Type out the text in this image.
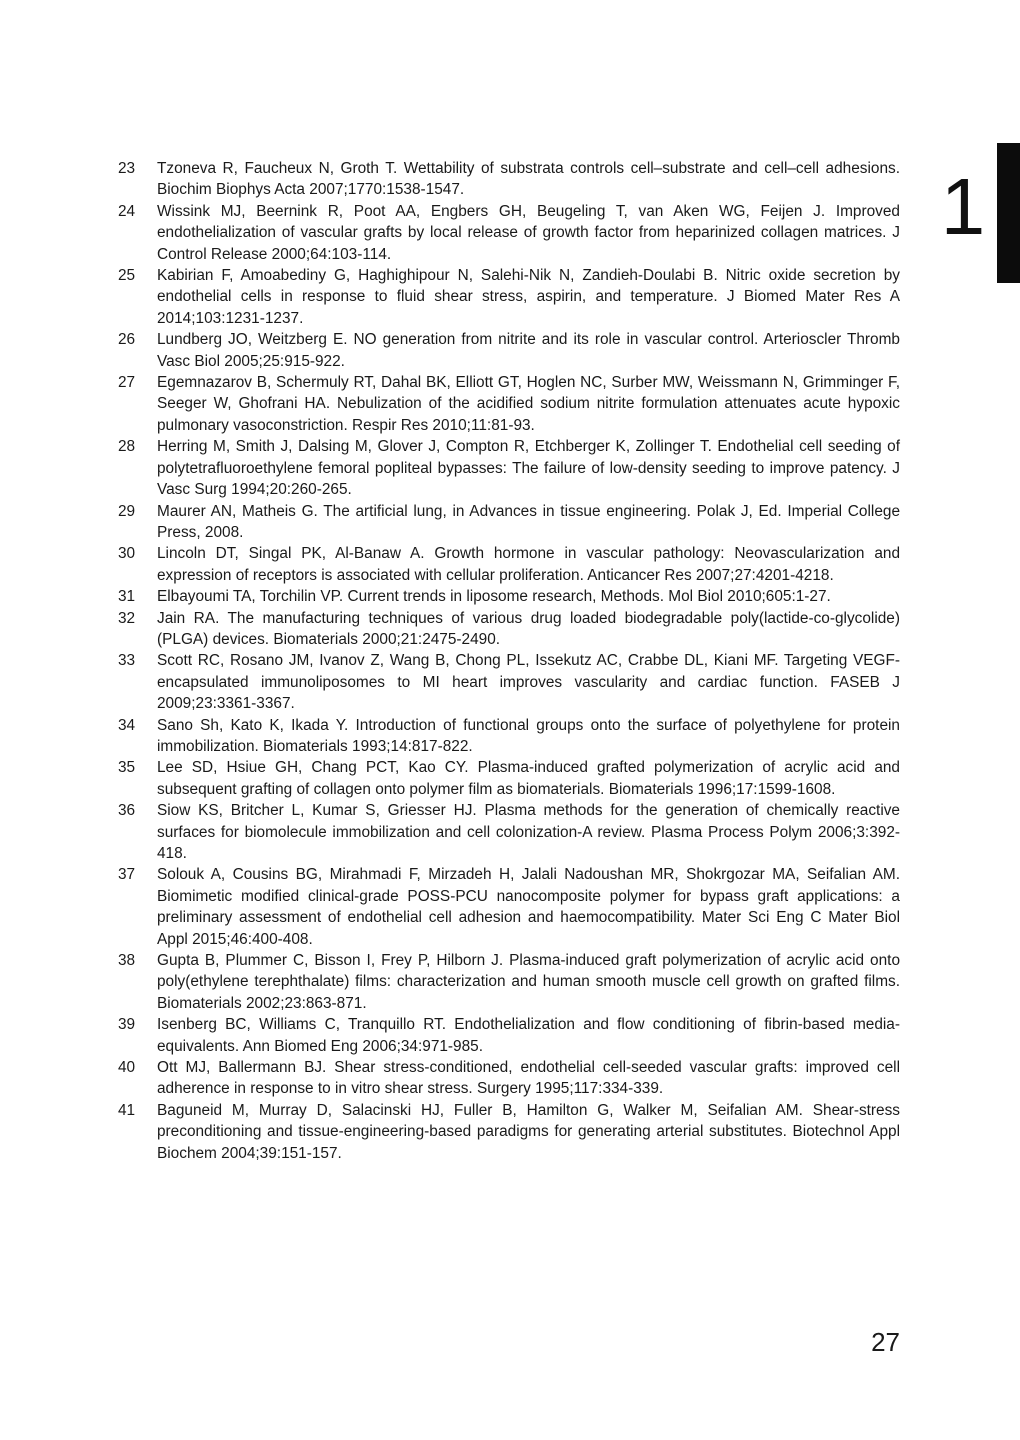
23	Tzoneva R, Faucheux N, Groth T. Wettability of substrata controls cell–substrate and cell–cell adhesions. Biochim Biophys Acta 2007;1770:1538-1547.
24	Wissink MJ, Beernink R, Poot AA, Engbers GH, Beugeling T, van Aken WG, Feijen J. Improved endothelialization of vascular grafts by local release of growth factor from heparinized collagen matrices. J Control Release 2000;64:103-114.
25	Kabirian F, Amoabediny G, Haghighipour N, Salehi-Nik N, Zandieh-Doulabi B. Nitric oxide secretion by endothelial cells in response to fluid shear stress, aspirin, and temperature. J Biomed Mater Res A 2014;103:1231-1237.
26	Lundberg JO, Weitzberg E. NO generation from nitrite and its role in vascular control. Arterioscler Thromb Vasc Biol 2005;25:915-922.
27	Egemnazarov B, Schermuly RT, Dahal BK, Elliott GT, Hoglen NC, Surber MW, Weissmann N, Grimminger F, Seeger W, Ghofrani HA. Nebulization of the acidified sodium nitrite formulation attenuates acute hypoxic pulmonary vasoconstriction. Respir Res 2010;11:81-93.
28	Herring M, Smith J, Dalsing M, Glover J, Compton R, Etchberger K, Zollinger T. Endothelial cell seeding of polytetrafluoroethylene femoral popliteal bypasses: The failure of low-density seeding to improve patency. J Vasc Surg 1994;20:260-265.
29	Maurer AN, Matheis G. The artificial lung, in Advances in tissue engineering. Polak J, Ed. Imperial College Press, 2008.
30	Lincoln DT, Singal PK, Al-Banaw A. Growth hormone in vascular pathology: Neovascularization and expression of receptors is associated with cellular proliferation. Anticancer Res 2007;27:4201-4218.
31	Elbayoumi TA, Torchilin VP. Current trends in liposome research, Methods. Mol Biol 2010;605:1-27.
32	Jain RA. The manufacturing techniques of various drug loaded biodegradable poly(lactide-co-glycolide) (PLGA) devices. Biomaterials 2000;21:2475-2490.
33	Scott RC, Rosano JM, Ivanov Z, Wang B, Chong PL, Issekutz AC, Crabbe DL, Kiani MF. Targeting VEGF-encapsulated immunoliposomes to MI heart improves vascularity and cardiac function. FASEB J 2009;23:3361-3367.
34	Sano Sh, Kato K, Ikada Y. Introduction of functional groups onto the surface of polyethylene for protein immobilization. Biomaterials 1993;14:817-822.
35	Lee SD, Hsiue GH, Chang PCT, Kao CY. Plasma-induced grafted polymerization of acrylic acid and subsequent grafting of collagen onto polymer film as biomaterials. Biomaterials 1996;17:1599-1608.
36	Siow KS, Britcher L, Kumar S, Griesser HJ. Plasma methods for the generation of chemically reactive surfaces for biomolecule immobilization and cell colonization-A review. Plasma Process Polym 2006;3:392-418.
37	Solouk A, Cousins BG, Mirahmadi F, Mirzadeh H, Jalali Nadoushan MR, Shokrgozar MA, Seifalian AM. Biomimetic modified clinical-grade POSS-PCU nanocomposite polymer for bypass graft applications: a preliminary assessment of endothelial cell adhesion and haemocompatibility. Mater Sci Eng C Mater Biol Appl 2015;46:400-408.
38	Gupta B, Plummer C, Bisson I, Frey P, Hilborn J. Plasma-induced graft polymerization of acrylic acid onto poly(ethylene terephthalate) films: characterization and human smooth muscle cell growth on grafted films. Biomaterials 2002;23:863-871.
39	Isenberg BC, Williams C, Tranquillo RT. Endothelialization and flow conditioning of fibrin-based media-equivalents. Ann Biomed Eng 2006;34:971-985.
40	Ott MJ, Ballermann BJ. Shear stress-conditioned, endothelial cell-seeded vascular grafts: improved cell adherence in response to in vitro shear stress. Surgery 1995;117:334-339.
41	Baguneid M, Murray D, Salacinski HJ, Fuller B, Hamilton G, Walker M, Seifalian AM. Shear-stress preconditioning and tissue-engineering-based paradigms for generating arterial substitutes. Biotechnol Appl Biochem 2004;39:151-157.
1
27
